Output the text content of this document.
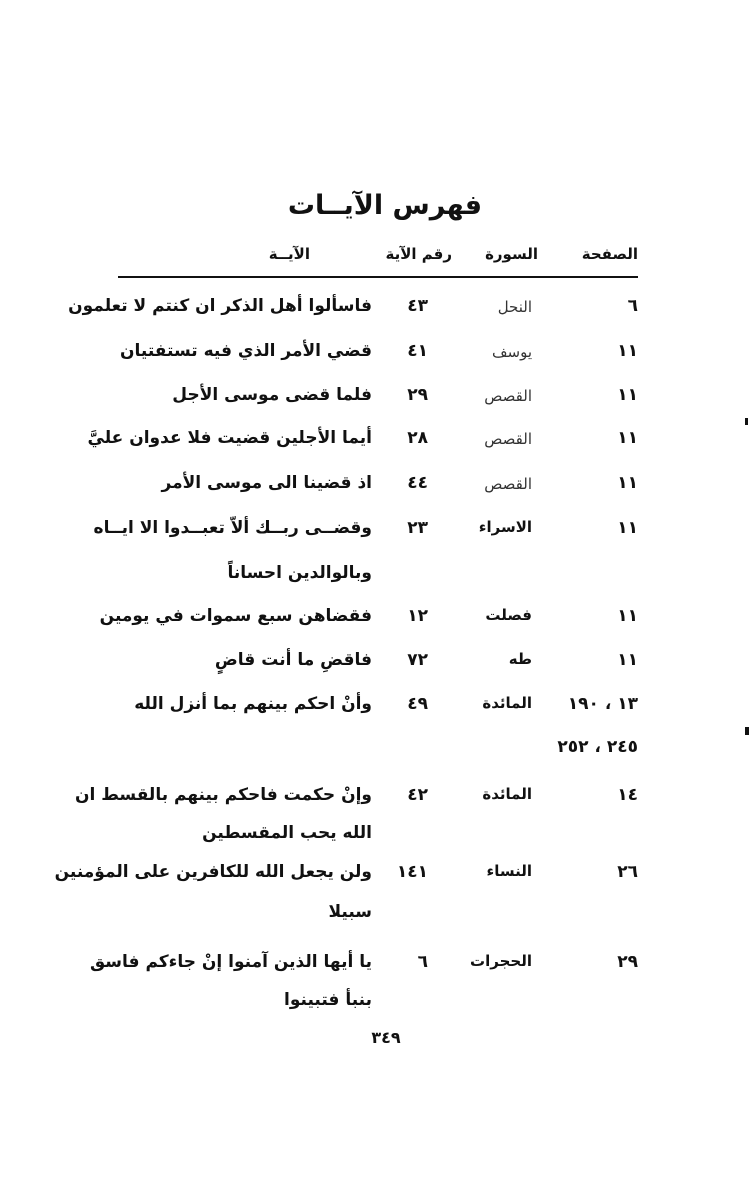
فهرس الآيــات
الصفحة
السورة
رقم الآية
الآيــة
٦
النحل
٤٣
فاسألوا أهل الذكر ان كنتم لا تعلمون
١١
يوسف
٤١
قضي الأمر الذي فيه تستفتيان
١١
القصص
٢٩
فلما قضى موسى الأجل
١١
القصص
٢٨
أيما الأجلين قضيت فلا عدوان عليَّ
١١
القصص
٤٤
اذ قضينا الى موسى الأمر
١١
الاسراء
٢٣
وقضــى ربــك ألاّ تعبــدوا الا ايــاه
وبالوالدين احساناً
١١
فصلت
١٢
فقضاهن سبع سموات في يومين
١١
طه
٧٢
فاقضِ ما أنت قاضٍ
١٣ ، ١٩٠
المائدة
٤٩
وأنْ احكم بينهم بما أنزل الله
٢٤٥ ، ٢٥٢
١٤
المائدة
٤٢
وإنْ حكمت فاحكم بينهم بالقسط ان
الله يحب المقسطين
٢٦
النساء
١٤١
ولن يجعل الله للكافرين على المؤمنين
سبيلا
٢٩
الحجرات
٦
يا أيها الذين آمنوا إنْ جاءكم فاسق
بنبأ فتبينوا
٣٤٩
